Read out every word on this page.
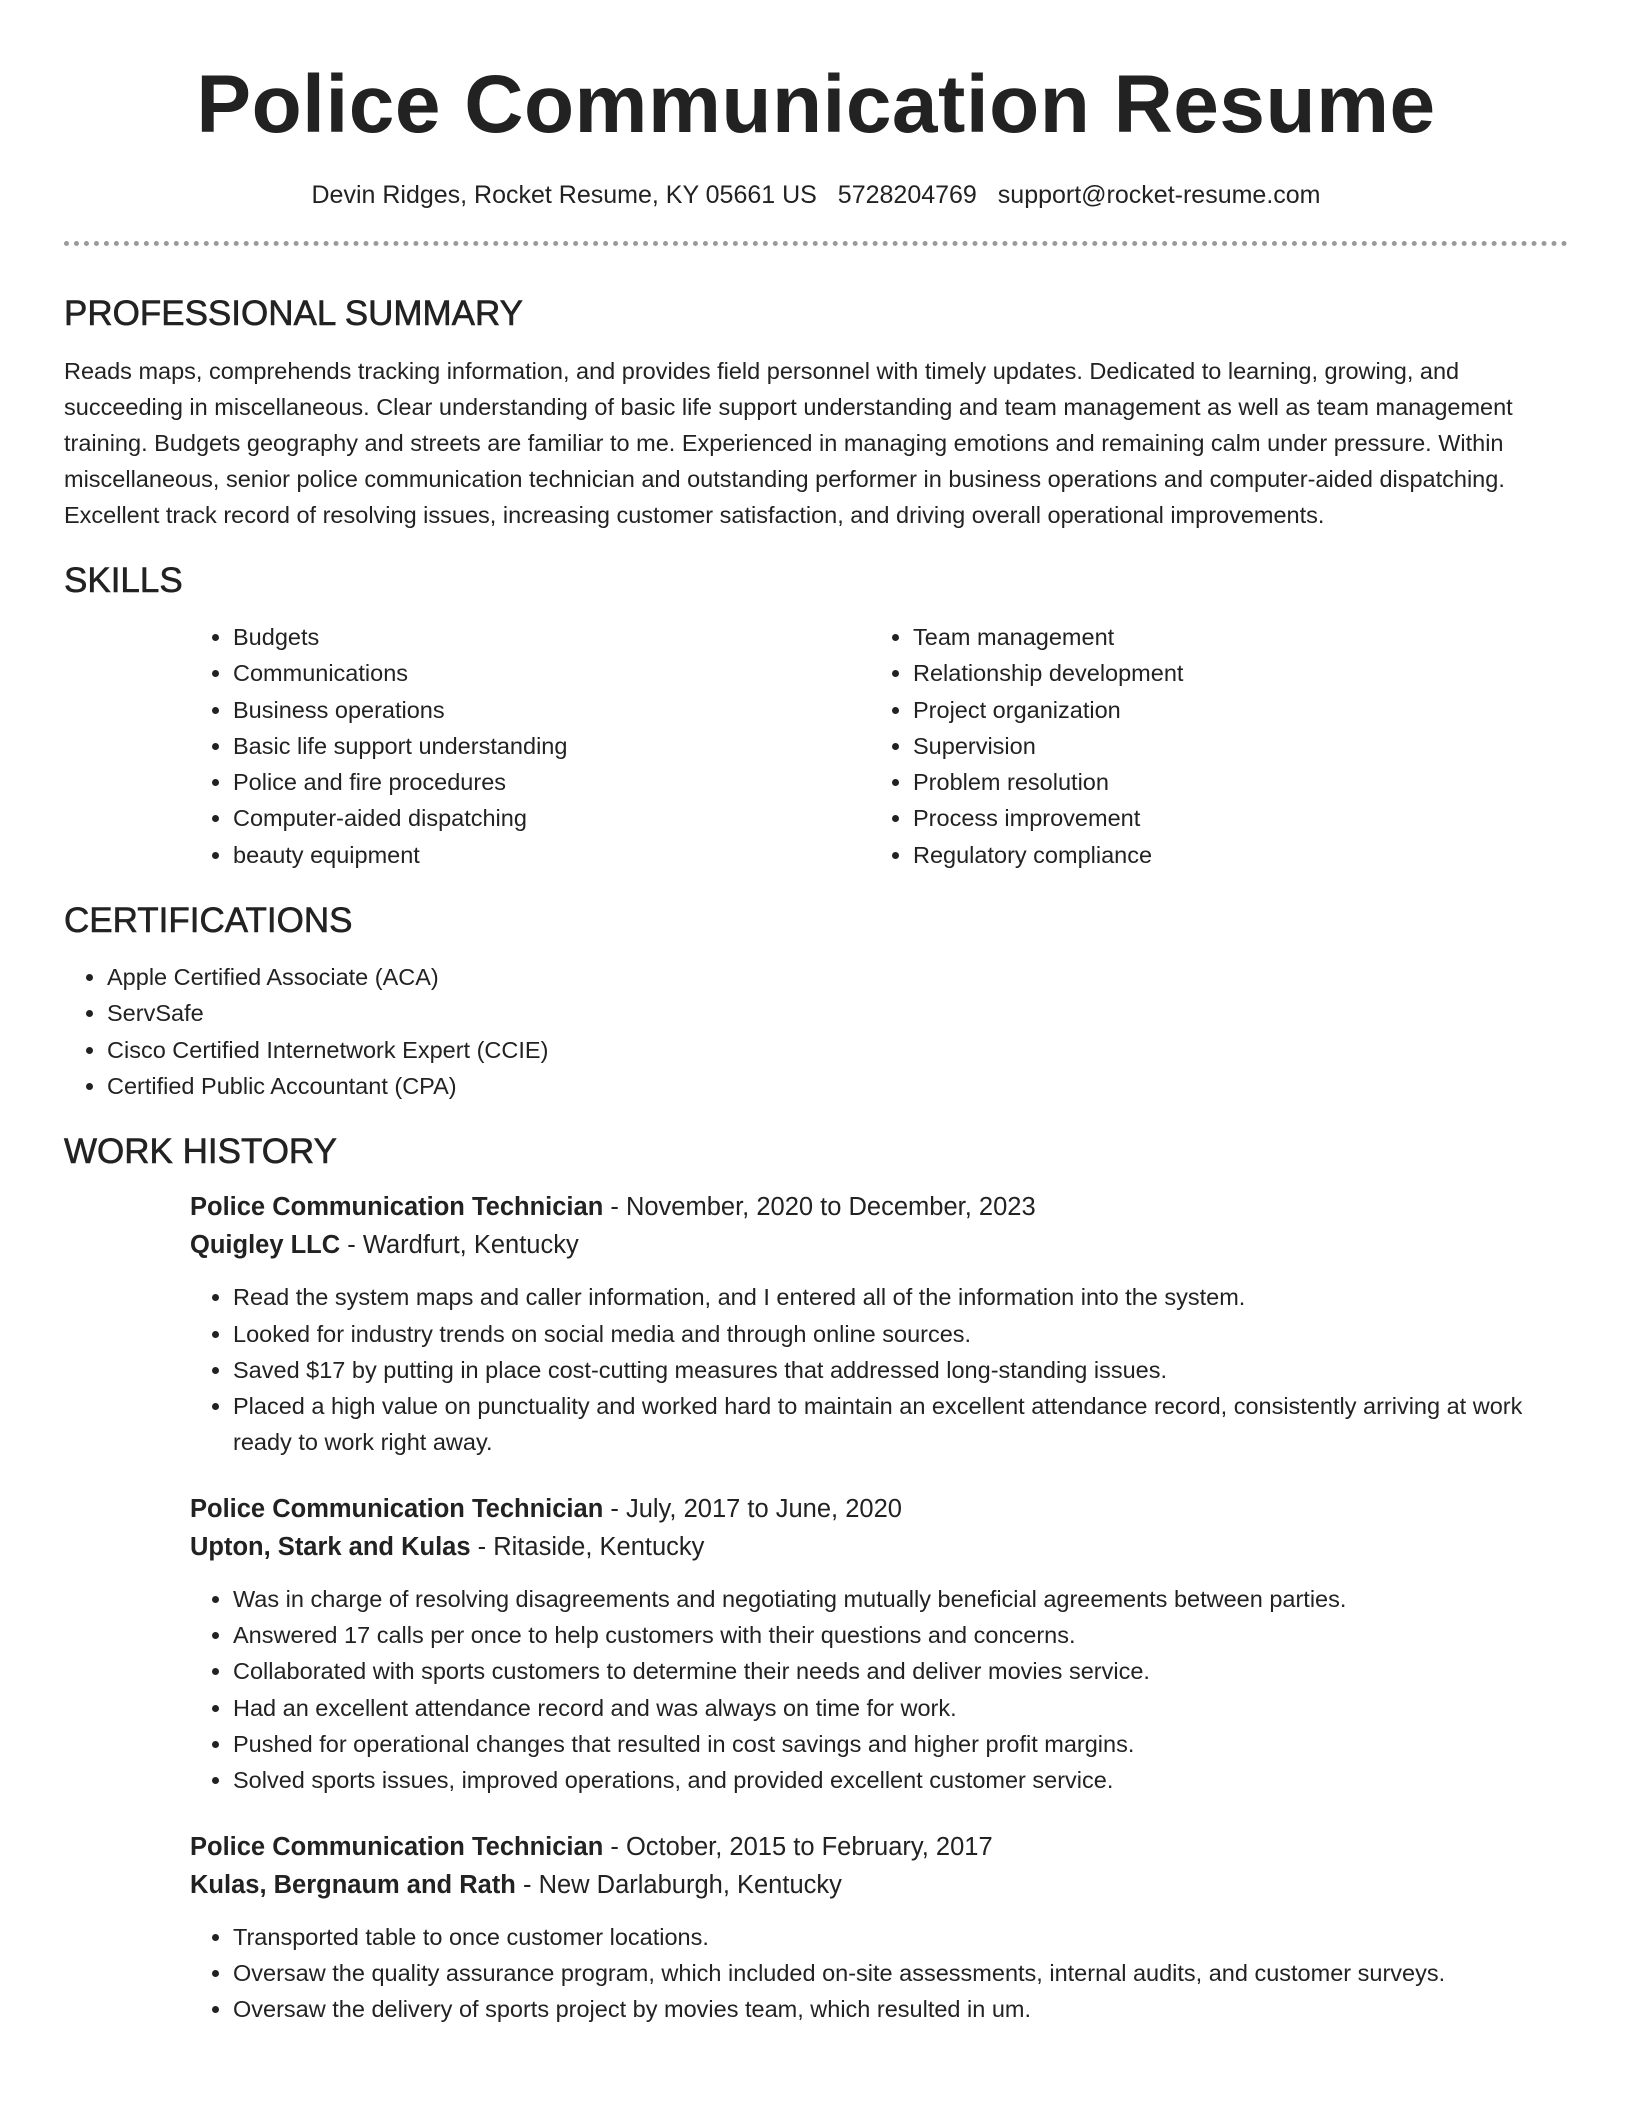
Police Communication Resume
Devin Ridges, Rocket Resume, KY 05661 US 5728204769 support@rocket-resume.com
PROFESSIONAL SUMMARY

Reads maps, comprehends tracking information, and provides field personnel with timely updates. Dedicated to learning, growing, and succeeding in miscellaneous. Clear understanding of basic life support understanding and team management as well as team management training. Budgets geography and streets are familiar to me. Experienced in managing emotions and remaining calm under pressure. Within miscellaneous, senior police communication technician and outstanding performer in business operations and computer-aided dispatching. Excellent track record of resolving issues, increasing customer satisfaction, and driving overall operational improvements.

SKILLS
• Budgets
• Communications
• Business operations
• Basic life support understanding
• Police and fire procedures
• Computer-aided dispatching
• beauty equipment
• Team management
• Relationship development
• Project organization
• Supervision
• Problem resolution
• Process improvement
• Regulatory compliance
CERTIFICATIONS
• Apple Certified Associate (ACA)
• ServSafe
• Cisco Certified Internetwork Expert (CCIE)
• Certified Public Accountant (CPA)
WORK HISTORY
Police Communication Technician - November, 2020 to December, 2023
Quigley LLC - Wardfurt, Kentucky
• Read the system maps and caller information, and I entered all of the information into the system.
• Looked for industry trends on social media and through online sources.
• Saved $17 by putting in place cost-cutting measures that addressed long-standing issues.
• Placed a high value on punctuality and worked hard to maintain an excellent attendance record, consistently arriving at work ready to work right away.
Police Communication Technician - July, 2017 to June, 2020
Upton, Stark and Kulas - Ritaside, Kentucky
• Was in charge of resolving disagreements and negotiating mutually beneficial agreements between parties.
• Answered 17 calls per once to help customers with their questions and concerns.
• Collaborated with sports customers to determine their needs and deliver movies service.
• Had an excellent attendance record and was always on time for work.
• Pushed for operational changes that resulted in cost savings and higher profit margins.
• Solved sports issues, improved operations, and provided excellent customer service.
Police Communication Technician - October, 2015 to February, 2017
Kulas, Bergnaum and Rath - New Darlaburgh, Kentucky
• Transported table to once customer locations.
• Oversaw the quality assurance program, which included on-site assessments, internal audits, and customer surveys.
• Oversaw the delivery of sports project by movies team, which resulted in um.
